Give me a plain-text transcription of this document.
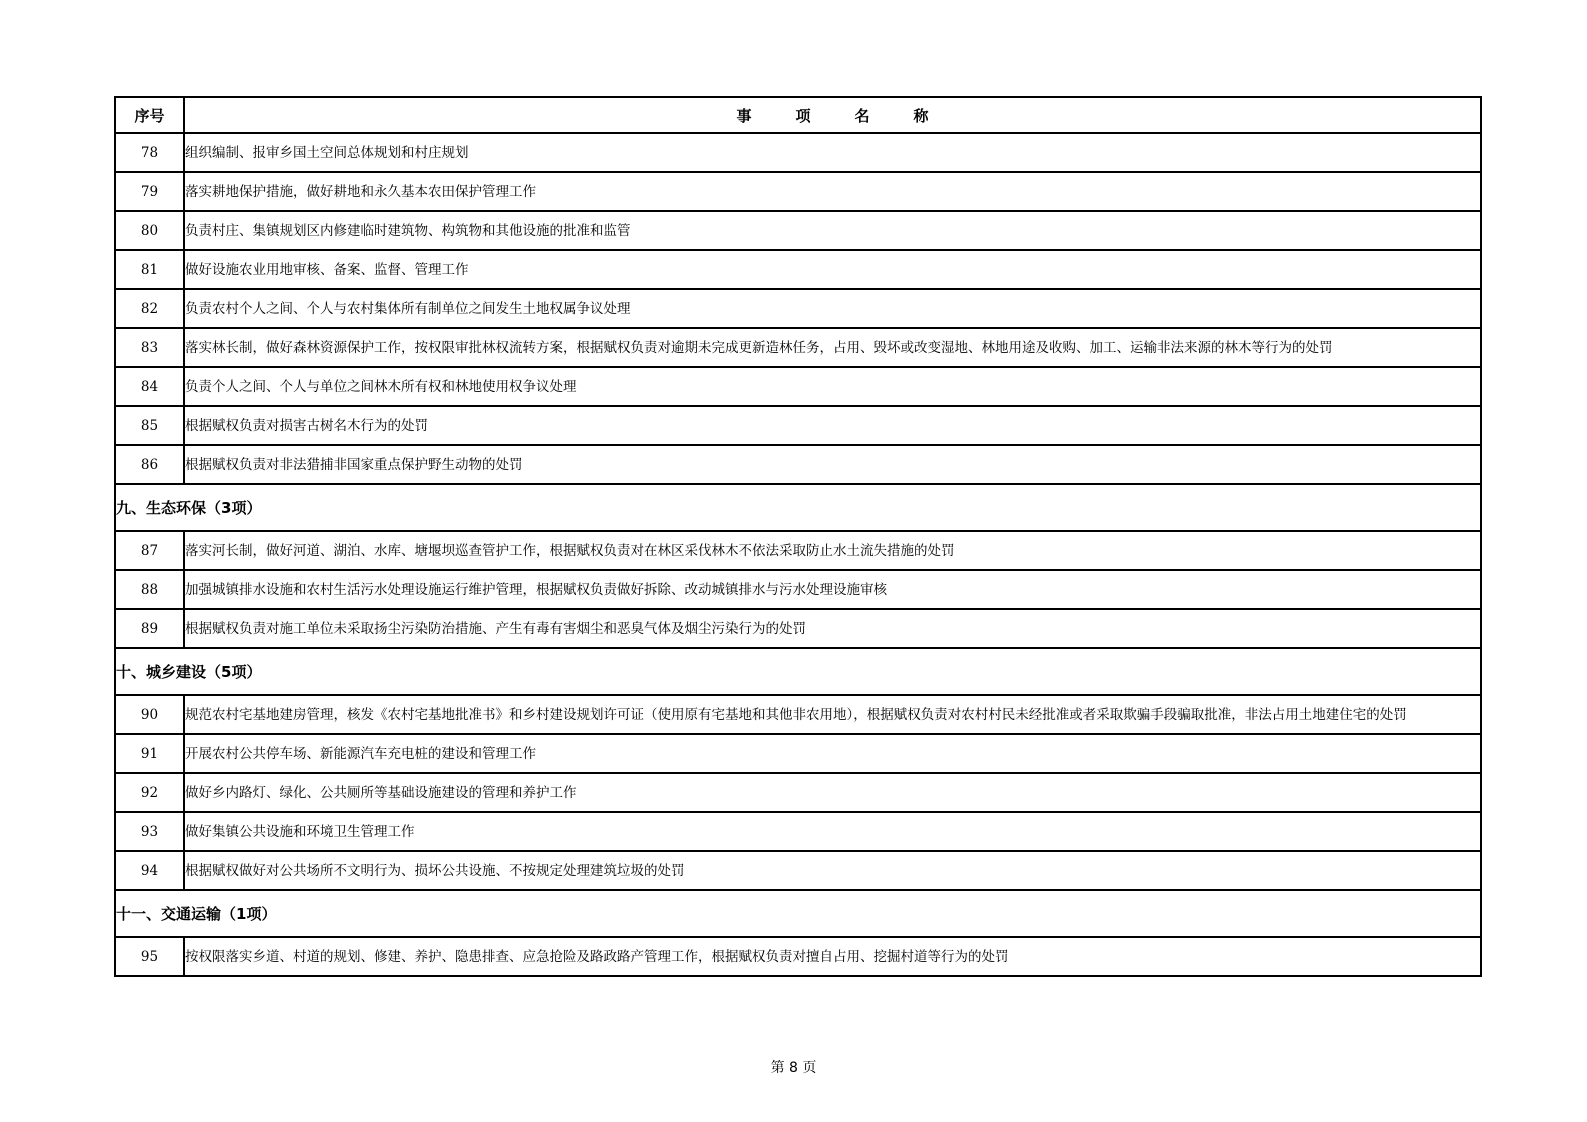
序号	事项名称
78	组织编制、报审乡国土空间总体规划和村庄规划
79	落实耕地保护措施，做好耕地和永久基本农田保护管理工作
80	负责村庄、集镇规划区内修建临时建筑物、构筑物和其他设施的批准和监管
81	做好设施农业用地审核、备案、监督、管理工作
82	负责农村个人之间、个人与农村集体所有制单位之间发生土地权属争议处理
83	落实林长制，做好森林资源保护工作，按权限审批林权流转方案，根据赋权负责对逾期未完成更新造林任务，占用、毁坏或改变湿地、林地用途及收购、加工、运输非法来源的林木等行为的处罚
84	负责个人之间、个人与单位之间林木所有权和林地使用权争议处理
85	根据赋权负责对损害古树名木行为的处罚
86	根据赋权负责对非法猎捕非国家重点保护野生动物的处罚
九、生态环保（3项）	
87	落实河长制，做好河道、湖泊、水库、塘堰坝巡查管护工作，根据赋权负责对在林区采伐林木不依法采取防止水土流失措施的处罚
88	加强城镇排水设施和农村生活污水处理设施运行维护管理，根据赋权负责做好拆除、改动城镇排水与污水处理设施审核
89	根据赋权负责对施工单位未采取扬尘污染防治措施、产生有毒有害烟尘和恶臭气体及烟尘污染行为的处罚
十、城乡建设（5项）	
90	规范农村宅基地建房管理，核发《农村宅基地批准书》和乡村建设规划许可证（使用原有宅基地和其他非农用地），根据赋权负责对农村村民未经批准或者采取欺骗手段骗取批准，非法占用土地建住宅的处罚
91	开展农村公共停车场、新能源汽车充电桩的建设和管理工作
92	做好乡内路灯、绿化、公共厕所等基础设施建设的管理和养护工作
93	做好集镇公共设施和环境卫生管理工作
94	根据赋权做好对公共场所不文明行为、损坏公共设施、不按规定处理建筑垃圾的处罚
十一、交通运输（1项）	
95	按权限落实乡道、村道的规划、修建、养护、隐患排查、应急抢险及路政路产管理工作，根据赋权负责对擅自占用、挖掘村道等行为的处罚
第 8 页
